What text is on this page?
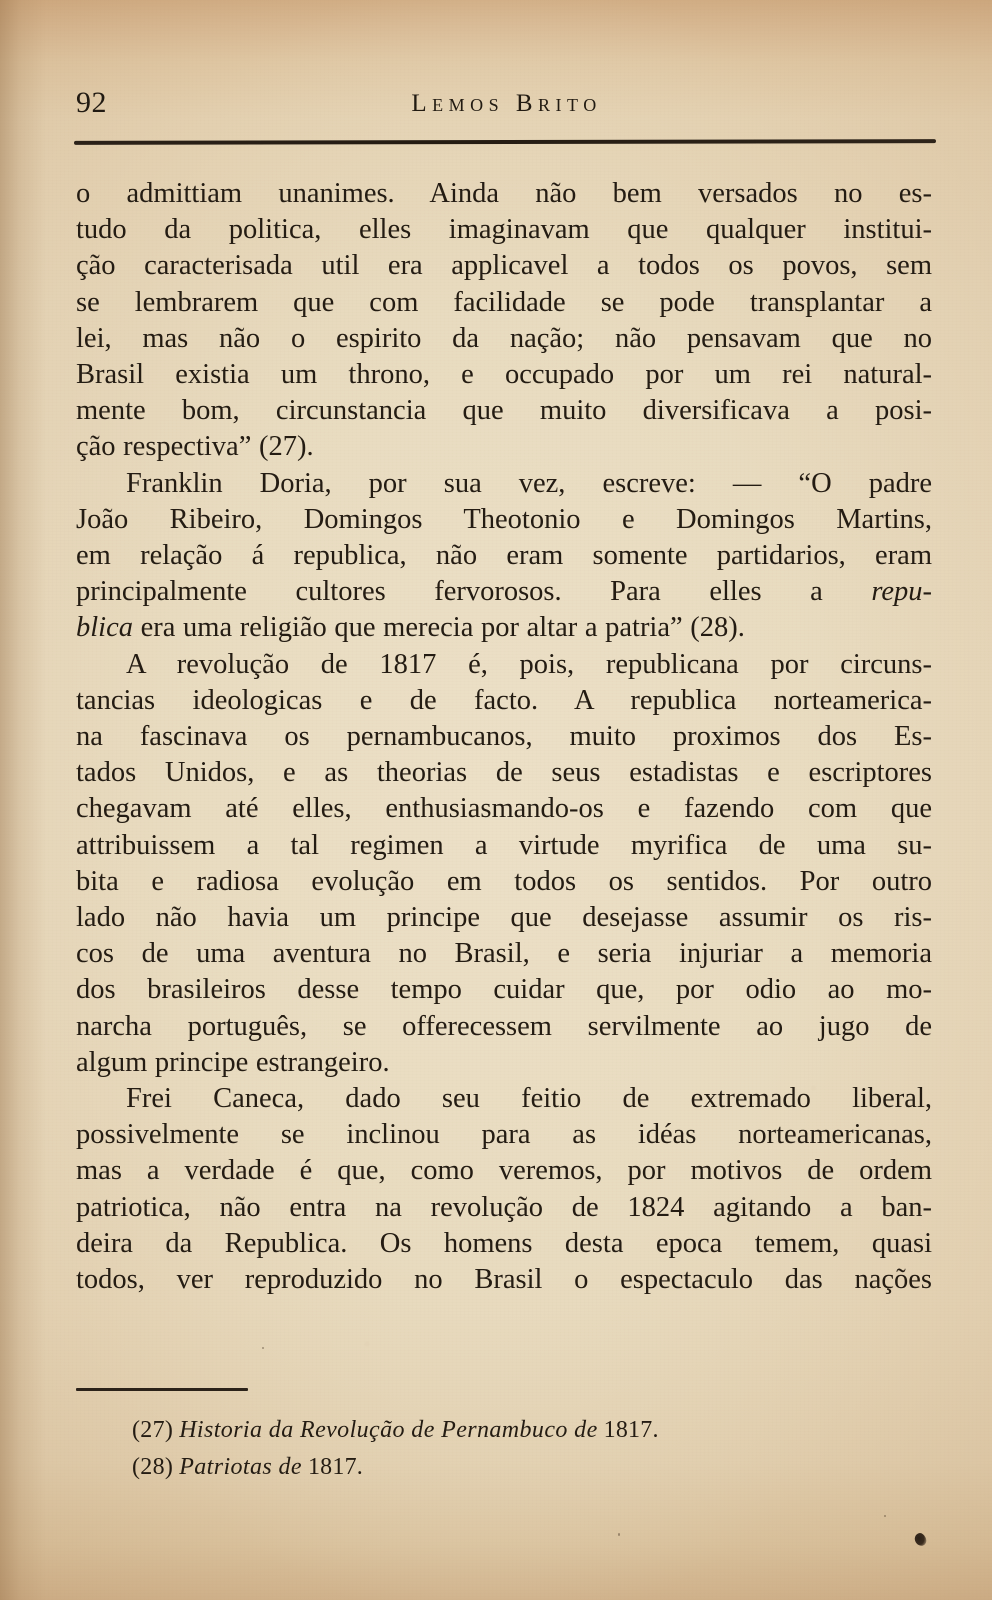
92	Lemos Brito

o admittiam unanimes. Ainda não bem versados no es-
tudo da politica, elles imaginavam que qualquer institui-
ção caracterisada util era applicavel a todos os povos, sem
se lembrarem que com facilidade se pode transplantar a
lei, mas não o espirito da nação; não pensavam que no
Brasil existia um throno, e occupado por um rei natural-
mente bom, circunstancia que muito diversificava a posi-
ção respectiva” (27).

Franklin Doria, por sua vez, escreve: — “O padre
João Ribeiro, Domingos Theotonio e Domingos Martins,
em relação á republica, não eram somente partidarios, eram
principalmente cultores fervorosos. Para elles a repu-
blica era uma religião que merecia por altar a patria” (28).

A revolução de 1817 é, pois, republicana por circuns-
tancias ideologicas e de facto. A republica norteamerica-
na fascinava os pernambucanos, muito proximos dos Es-
tados Unidos, e as theorias de seus estadistas e escriptores
chegavam até elles, enthusiasmando-os e fazendo com que
attribuissem a tal regimen a virtude myrifica de uma su-
bita e radiosa evolução em todos os sentidos. Por outro
lado não havia um principe que desejasse assumir os ris-
cos de uma aventura no Brasil, e seria injuriar a memoria
dos brasileiros desse tempo cuidar que, por odio ao mo-
narcha português, se offerecessem servilmente ao jugo de
algum principe estrangeiro.

Frei Caneca, dado seu feitio de extremado liberal,
possivelmente se inclinou para as idéas norteamericanas,
mas a verdade é que, como veremos, por motivos de ordem
patriotica, não entra na revolução de 1824 agitando a ban-
deira da Republica. Os homens desta epoca temem, quasi
todos, ver reproduzido no Brasil o espectaculo das nações

(27) Historia da Revolução de Pernambuco de 1817.
(28) Patriotas de 1817.
